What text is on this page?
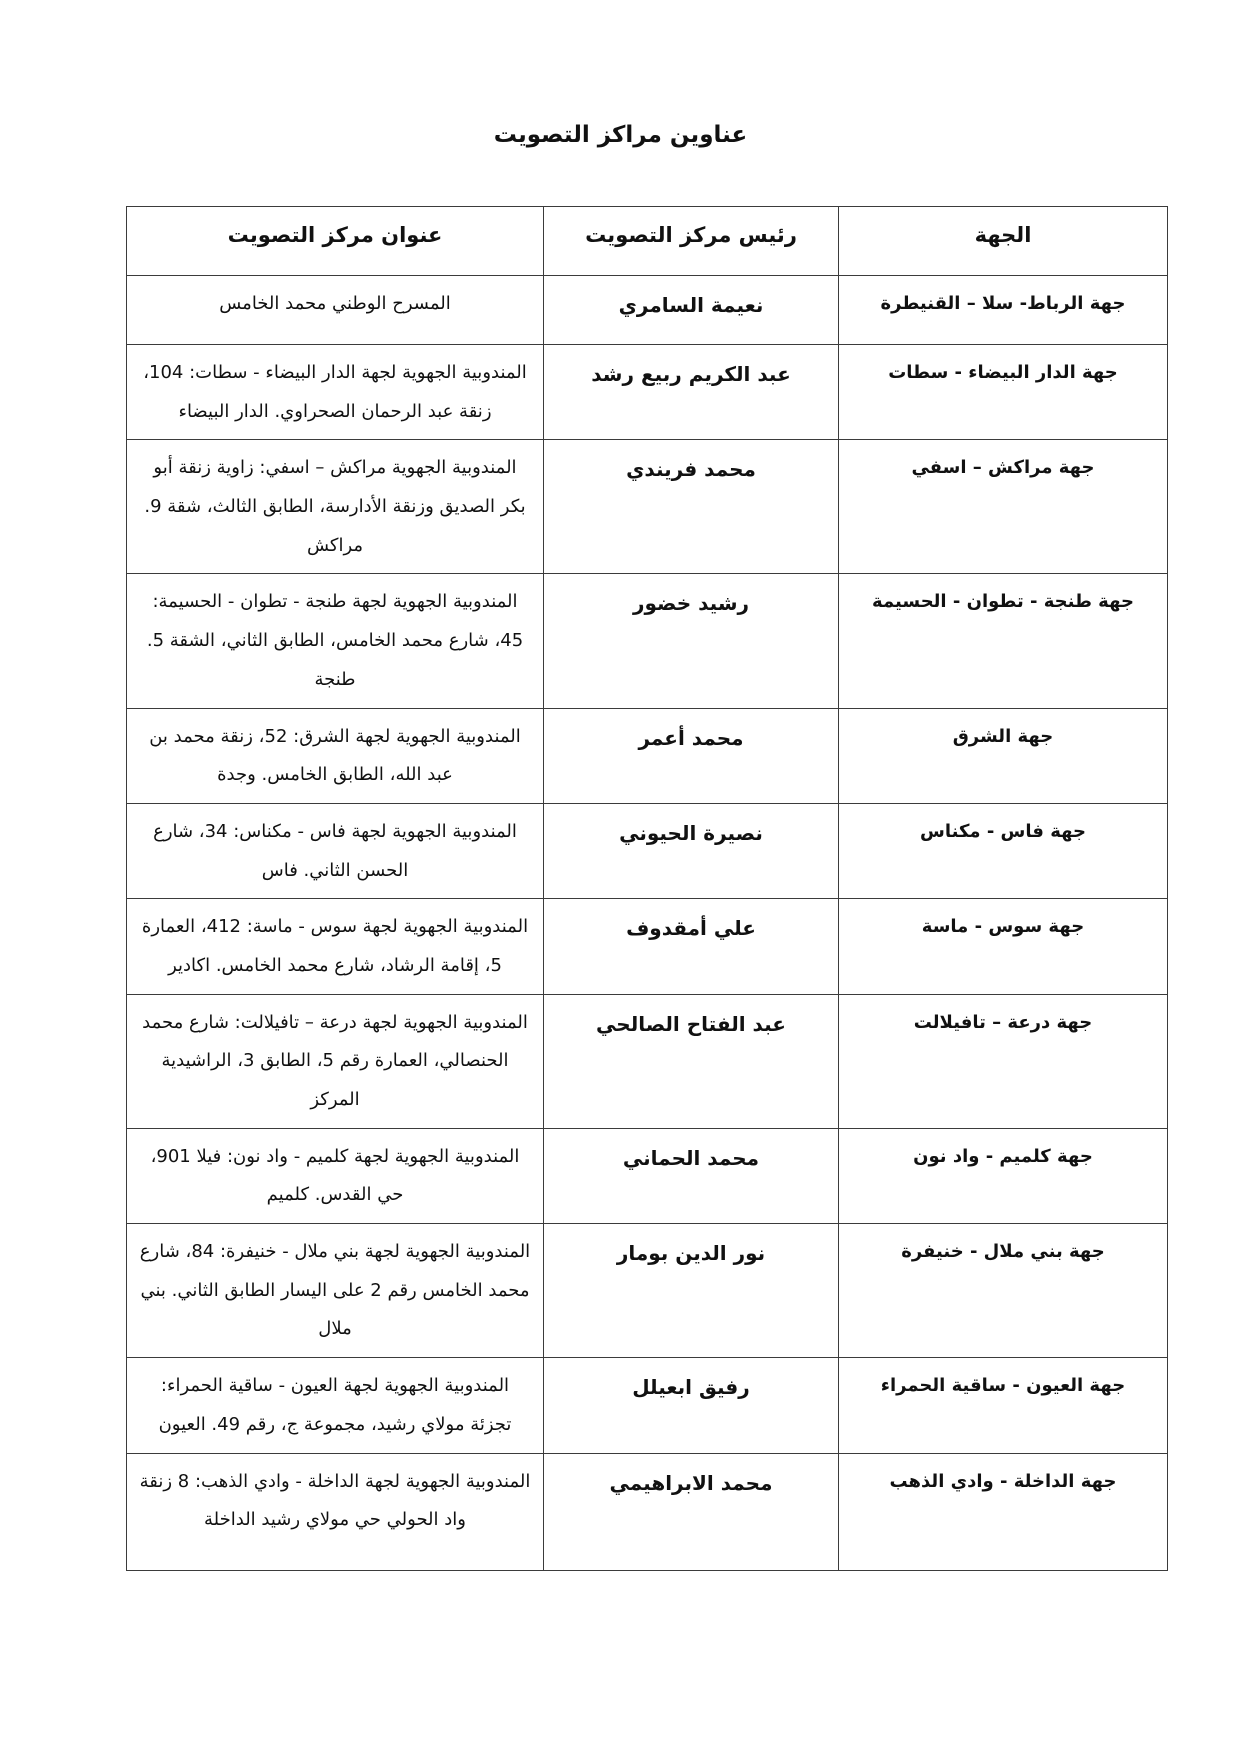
عناوين مراكز التصويت
الجهة	رئيس مركز التصويت	عنوان مركز التصويت
جهة الرباط- سلا – القنيطرة	نعيمة السامري	المسرح الوطني محمد الخامس
جهة الدار البيضاء - سطات	عبد الكريم ربيع رشد	المندوبية الجهوية لجهة الدار البيضاء - سطات: 104، زنقة عبد الرحمان الصحراوي. الدار البيضاء
جهة مراكش – اسفي	محمد فريندي	المندوبية الجهوية مراكش – اسفي: زاوية زنقة أبو بكر الصديق وزنقة الأدارسة، الطابق الثالث، شقة 9. مراكش
جهة طنجة - تطوان - الحسيمة	رشيد خضور	المندوبية الجهوية لجهة طنجة - تطوان - الحسيمة: 45، شارع محمد الخامس، الطابق الثاني، الشقة 5. طنجة
جهة الشرق	محمد أعمر	المندوبية الجهوية لجهة الشرق: 52، زنقة محمد بن عبد الله، الطابق الخامس. وجدة
جهة فاس - مكناس	نصيرة الحيوني	المندوبية الجهوية لجهة فاس - مكناس: 34، شارع الحسن الثاني. فاس
جهة سوس - ماسة	علي أمقدوف	المندوبية الجهوية لجهة سوس - ماسة: 412، العمارة 5، إقامة الرشاد، شارع محمد الخامس. اكادير
جهة درعة – تافيلالت	عبد الفتاح الصالحي	المندوبية الجهوية لجهة درعة – تافيلالت: شارع محمد الحنصالي، العمارة رقم 5، الطابق 3، الراشيدية المركز
جهة كلميم - واد نون	محمد الحماني	المندوبية الجهوية لجهة كلميم - واد نون: فيلا 901، حي القدس. كلميم
جهة بني ملال - خنيفرة	نور الدين بومار	المندوبية الجهوية لجهة بني ملال - خنيفرة: 84، شارع محمد الخامس رقم 2 على اليسار الطابق الثاني. بني ملال
جهة العيون - ساقية الحمراء	رفيق ابعيلل	المندوبية الجهوية لجهة العيون - ساقية الحمراء: تجزئة مولاي رشيد، مجموعة ج، رقم 49. العيون
جهة الداخلة - وادي الذهب	محمد الابراهيمي	المندوبية الجهوية لجهة الداخلة - وادي الذهب: 8 زنقة واد الحولي حي مولاي رشيد الداخلة
